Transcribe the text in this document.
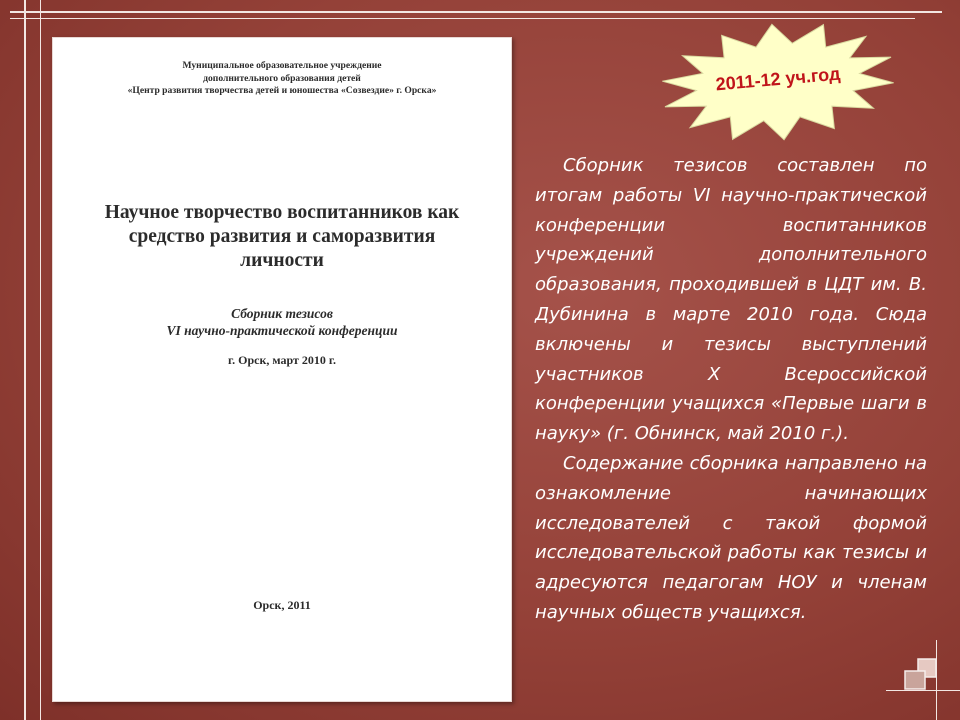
Муниципальное образовательное учреждение
дополнительного образования детей
«Центр развития творчества детей и юношества «Созвездие» г. Орска»
Научное творчество воспитанников как
средство развития и саморазвития
личности
Сборник тезисов
VI научно-практической конференции
г. Орск, март 2010 г.
Орск, 2011
2011-12 уч.год

Сборник тезисов составлен по итогам работы VI научно-практической конференции воспитанников учреждений дополнительного образования, проходившей в ЦДТ им. В. Дубинина в марте 2010 года. Сюда включены и тезисы выступлений участников Х Всероссийской конференции учащихся «Первые шаги в науку» (г. Обнинск, май 2010 г.).

Содержание сборника направлено на ознакомление начинающих исследователей с такой формой исследовательской работы как тезисы и адресуются педагогам НОУ и членам научных обществ учащихся.
